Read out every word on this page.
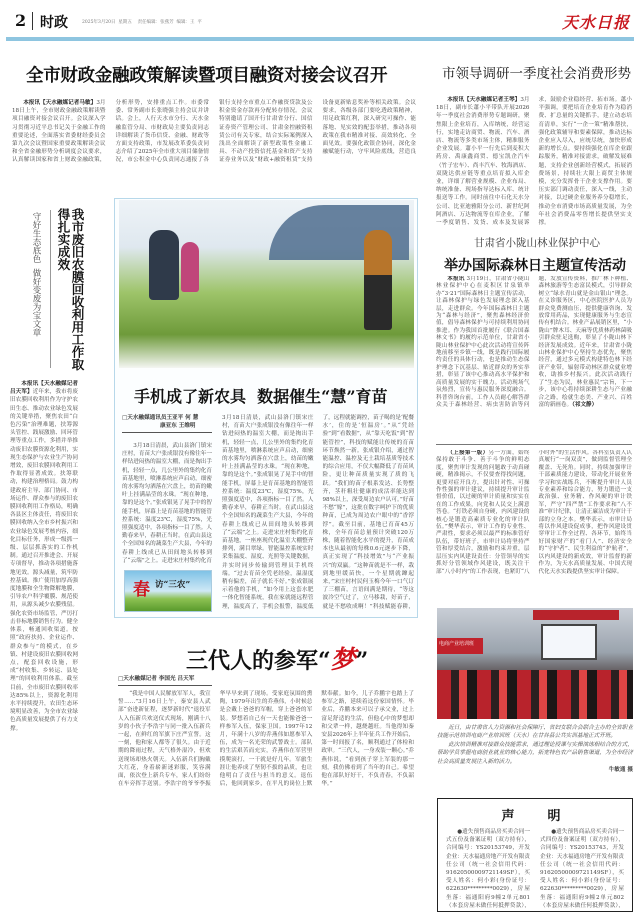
2 时政	2025年3月20日  星期五    责任编辑：张燕芳  编辑：王  平	天水日报
全市财政金融政策解读暨项目融资对接会议召开

本报讯【天水融媒记者马敏】3月18日上午，全市财政金融政策解读暨项目融资对接会议召开。会议深入学习贯彻习近平总书记关于金融工作的重要论述，全面落实省委财经委员会第九次会议暨国家重要政策解读会议和全省金融形势分析调度会议要求，认真解读国家和省上财政金融政策，分析形势，安排重点工作。市委常委、常务副市长张晓强主持会议并讲话。会上，人行天水市分行、天水金融监管分局、市财政局主要负责同志详细解读了货币信贷、金融、财政等方面支持政策，市发展改革委负责同志介绍了2025年全市重大项目储备情况，市公积金中心负责同志通报了各银行支持全市重点工作融资贷款及公积金资金存款再分配转存情况。会议特别邀请了国开行甘肃省分行、国信证券资产管理公司、甘肃金控融资租赁公司有关专家，结合实际案例深入浅出全面解读了新型政策性金融工具、不动产投资信托基金和资产支持证券业务以及“财政+融资租赁”支持设备更新贴息奖补等相关政策。会议要求，各级各部门要吃透政策精神，用足政策红利，深入研究可操作、能落地、见实效的配套举措，推动各项政策在我市精准对接、高效转化、全面见效。要强化政银企协同，深化金融赋能行动，守牢风险底线，营造良

市领导调研一季度社会消费形势

本报讯【天水融媒记者王琴】3月18日，副市长蕭小平带队开展2026年一季度社会消费形势专题调研，聚焦限上企业培育，入库纳统，经营运行，实地走访商贸、物流、汽车、酒店、物流等多类市场主体，精准服务企业发展。蕭小平一行先后到麦积大药房、禹康鑫商贸、德宝凯企汽车（竹子宏车）、尚丰汽车、牧海酒店、双陇达供应链等重点培育拟入库企业，详细了解营业规模、企业布局、纳统准备、现场指导达标入库、统计报送等工作。同时前往中石化天水分公司、比亚迪雅阳分公司、新世纪阿阿酒店、万达物流等在库企业，了解一季度销售、发货、成本及发展诉求，鼓励企业稳经营、拓市场。蕭小平强调，要把培育企业培育作为稳消费、扩总量的关键抓手，建立动态培育清单，实行“一企一策”精准帮扶，强化政策辅导和要素保障，推动达标企业应入尽入，应统尽统，加快形成新的增长点。要持续强化在库企业跟踪服务，精准对接需求，破解发展难题，支持企业创新经营模式，拓展消费场景，持续壮大限上商贸主体规模，充分发挥骨干企业支撑作用。要压实部门调动责任，深入一线，主动对接，以过硬企业服务养分稳增长，推动全市消费市场高质量发展，为全年社会消费品零售增长提供坚实支撑。

守好生态底色  做好变废为宝文章	我市废旧农膜回收利用工作取得扎实成效

本报讯【天水融媒记者吕天军】近年来，我市将废旧农膜回收利用作为守护农田生态、推动农业绿色发展的关键举措，聚焦农田“白色污染”治理难题，扶筹源头管控、践展激励、回环管理等重点工作，多措并举推动废旧农膜资源化利用，实现生态保护与农业生产协同增效，废旧农膜回收利用工作取得显著成效。扶筹联动，构建治理格局。鼓力构建政府主导、部门协同、市场运作、群众参与的废旧农膜回收利用工作格局，明确各县区主体责任，将废旧农膜回收纳入全市乡村振兴和农业绿色发展考核内容，细化目标任务，形成一级抓一级、层层抓落实的工作机制。通过召开推进会、开展专项督导，推动各项措施落地见效。源头减量，筑牢防控基础。推广使用加厚高强度地膜和全生物降解地膜，引导农户科学覆膜、规范使用，从源头减少农膜残留。强化农资市场监管，严厉打击非标地膜销售行为。健全体系，畅通回收渠道。按照“政府扶持、企业运作、群众参与”的模式，在乡镇、村建设废旧农膜回收网点，配套回收设施，形成“村收集、乡转运、县处理”的回收利用体系。截至目前，全市废旧农膜回收率达85%以上，资源化利用水平持续提升，农田生态环境明显改善，为全市农业绿色高质量发展提供了有力支撑。

手机成了新农具  数据催生“慧”育苗
□天水融媒通讯员王亚平 何 慧
康亚东 王维明

3月18日清晨，武山县洛门镇宋庄村，育苗大户张成银没有像往年一样钻进闷热的温室大棚，而是掏出手机，轻轻一点，几公里外的集约化育苗基地里，喷淋系统应声启动，细密的水雾均匀洒落在穴盘上，幼苗的嫩叶上挂满晶莹的水珠。“现在种地，靠的是这个。”张成银晃了晃手中的智能手机，屏幕上是育苗基地的智能管控系统：温度23℃，湿度75%，光照强度适中，各项指标一目了然。人勤春来早，春耕正当时。在武山县这个全国知名的蔬菜生产大县，今年的春耕上线成已从田间地头转移到了“云端”之上。走进宋庄村集约化育

3月18日清晨，武山县洛门镇宋庄村，育苗大户张成银没有像往年一样钻进闷热的温室大棚，而是掏出手机，轻轻一点，几公里外的集约化育苗基地里，喷淋系统应声启动，细密的水雾均匀洒落在穴盘上，幼苗的嫩叶上挂满晶莹的水珠。“现在种地，靠的是这个。”张成银晃了晃手中的智能手机，屏幕上是育苗基地的智能管控系统：温度23℃，湿度75%，光照强度适中，各项指标一目了然。人勤春来早，春耕正当时。在武山县这个全国知名的蔬菜生产大县，今年的春耕上线成已从田间地头转移到了“云端”之上。走进宋庄村集约化育苗基地，一座座现代化温室大棚整齐排列，满目翠绿。智能温控系统实时采集温度、湿度、光照等关键数据，并实时同步传输到管理员手机终端。“过去育苗全凭老经验，温湿度稍有偏差，苗子就长不好。”张成银展示着他的手机，“如今用上这套水肥一体化智能系统，我在家就能远程管理，温度高了，手机会报警，温度低了，远程就能调控，苗子喝的是‘配餐水’，住的是‘恒温房’。”从“凭经验”到“看数据”，从“靠天吃饭”到“智能管控”，科技的赋能让传统的育苗环节焕然一新。张成银介绍，通过智能温控、温控及无土栽培基质等技术的综合应用，不仅大幅降低了育苗风险，更让种苗质量实现了质的飞跃。“我们的苗子根系发达、长势整齐，茎秆粗壮健康的成活率能达到98%以上，深受周边农户认可。”好苗不愁“嫁”，这批在数字呵护下的优质种苗，已成为周边农户眼中的“香饽饽”。截至目前，基地已育苗45万株，全年育苗总量预计突破120万株，随着智能化水平的提升，育苗成本也从最初的每株0.6元逐步下降，真正实现了“科技增效”与“产业振兴”的双赢。“这种苗就是不一样，栽到地里缓苗快，一个星期就蹿起来，”宋庄村村民何玉梅今年一口气订了三棚苗，言语间满是期待，“等这波冷空气过了，立马移栽，好苗子，就是不愁收成啊！”科技赋能春耕，

春 访“三农”
三代人的参军“梦”
□天水融媒记者 李国光 吕天军

“我是中国人民解放军军人，我宣誓……”3月16日上午，秦安县人武部“奋进新征程，逐梦新时代”退役军人入伍新兵欢送仪式现场，刚满十八岁的小伙子李浩宇与同一批入伍新兵一起，在鲜红的军旗下庄严宣誓。这一刻，他和家人都等了很久。由于近期的降雨过程，天气格外湿冷，但欢送现场却热火朝天。入伍新兵们胸戴大红花，身着崭新迷彩服，笑容满面，依次登上新兵专车，家人们纷纷在车旁挥手送别。李浩宇的爷爷李振华早早来到了现场。受家庭氛围的熏陶，1979年出生的乔燕伟，小时候总是会戴上爸爸的军帽，穿上爸爸的军装。梦想着自己有一天也能像爸爸一样参军入伍，保家卫国。1997年12月，年满十八岁的乔燕伟如愿参军入伍，成为一名光荣的武警战士。部队的生活艰苦而充实，乔燕伟在军营里摸爬滚打，一干就是好几年。军旅生涯让他养成了坚韧不拔的品质，也让他明白了责任与担当的意义。退伍后，他回到家乡，在平凡的岗位上默默奉献。如今，儿子乔鹏宇也踏上了参军之路，延续着这份家国情怀。毕业后，乔鹏本来可以子承父业，过上富足舒适的生活，但他心中的梦想却和父辈一样，越烧越旺。当他得知秦安县2026年上半年征兵工作开始后，第一时间报了名，顺利通过了体检和政审。“三代人，一身戎装一颗心。”乔燕伟说，“看到孩子穿上军装的那一刻，我仿佛看到了当年的自己。希望他在部队好好干，不负青春，不负韶华。”

甘肃省小陇山林业保护中心
举办国际森林日主题宣传活动

本报讯 3月19日，甘肃省小陇山林业保护中心在麦积区甘泉镇举办“3·21”国际森林日主题宣传活动，让森林保护与绿色发展理念深入基层，走进群众。今年国际森林日主题为“森林与经济”，聚焦森林经济价值，倡导森林保护与可持续利用协同推进。作为我国首批履行《联合国森林文书》的履约示范单位，甘肃省小陇山林业保护中心此次活动将宣传阵地前移至乡镇一线，既是践行国际履约责任的具体行动，也是推动生态保护理念下沉基层、贴近群众的务实举措，彰显了该中心推动高水平保护和高质量发展的实干魄力。活动现场气氛热烈，宣传与惠民服务深度融合。科普咨询台前，工作人员耐心解答群众关于森林经营、病虫害防治等问题，发放宣传资料，推广林下种植、森林旅游等生态富民模式，引导群众树立“绿水青山就是金山银山”理念。在义诊服务区，中心医院医护人员为群众免费测血压，提供健康咨询、发放常用药品，实现健康服务与生态宣传有机结合。林业产品展销区里，“小陇山”牌木耳、天麻等优质林药林菌吸引群众驻足选购，彰显了小陇山林下经济发展成效。近年来，甘肃省小陇山林业保护中心坚持生态优先，聚焦经营，通过多元模式构建特色林下经济产业带，辐射带动林区群众就业增收，助推乡村振兴。此次活动践行了“生态为民，林业惠民”宗旨，下一步，该中心将持续深耕生态与产业融合之路，绘就生态美、产业兴、百姓富的新画卷。（祁文静）

（上接第一版）另一方面，始终保持敢于斗争、善于斗争的鲜明态度，聚焦审计发现的问题敢于动真碰硬，精准揭示，不仅要查得找问题，更要对症开良方，提出针对性、可操作性强的审计建议，持续提升审计监督价值，以过硬的审计质量和实实在在的工作成果，向党和人民交上满意答卷。“打铁必须自身硬，内风建设的核心是锻造高素质专业化的审计队伍。”樊华表示，审计工作的专业性、严肃性，要求必须以最严的标准管好队伍，带好班子，市审计局将坚持严管和厚爱结合，激励和约束并重，层层压实内风建设责任：分管领导的实抓好分管领域作风建设，既关注干部“八小时内”的工作表现，也紧盯“八小时外”的生活作风。各科室负责人认真履行“一岗双责”，做到监督管理全覆盖、无死角。同时，持续加强审计干部素质能力建设，带动化开展业务学习和实战练兵，不断提升审计人员专业素养和综合能力，努力锻造一支政治强、业务精、作风硬的审计铁军，严守“四严禁”工作要求和“八不准”审计纪律，让清正廉洁成为审计干部的立身之本。樊华表示，市审计局将以作风建设促成事，把作风建设贯穿审计工作全过程、各环节，始终当好国家财产的“看门人”、经济安全的“守护者”、民生利益的“护航者”，以内风建设的新成效，审计监督的新作为，为天水高质量发展、中国式现代化天水实践提供坚实审计保障。

电商产业培训班

近日，由甘肃省人力资源和社会保障厅、省妇女联合会联合主办的全省职业技能示范培训电商产业培训班（天水）在甘谷县公共实训基地正式开班。

此次培训精准对接群众技能需求，通过理论授课与实操演练相结合的方式，帮助学员掌握电商创业就业的核心能力，拓宽特色农产品销售渠道，为全市经济社会高质量发展注入新的活力。

牛敏通 摄

声  明

●遗失预售商品房买卖合同一式五份及备案证明（双方持有），合同编号：YS20153749，开发企业：天水福通房地产开发有限责任公司（统一社会信用代码：91620500009721149SF），买受人姓名：何小彩(身份证号：622630*********0029)，房屋坐落：福通阳府9幢2单元801（本套房屋未做任何抵押贷款），

●遗失预售商品房买卖合同一式四份及备案证明（双方持有），合同编号：YS20153743，开发企业：天水福通房地产开发有限责任公司（统一社会信用代码：91620500009721149SF），买受人姓名：何小彩(身份证号：622630*********0029)，房屋坐落：福通阳府9幢2单元802（本套房屋未做任何抵押贷款），
